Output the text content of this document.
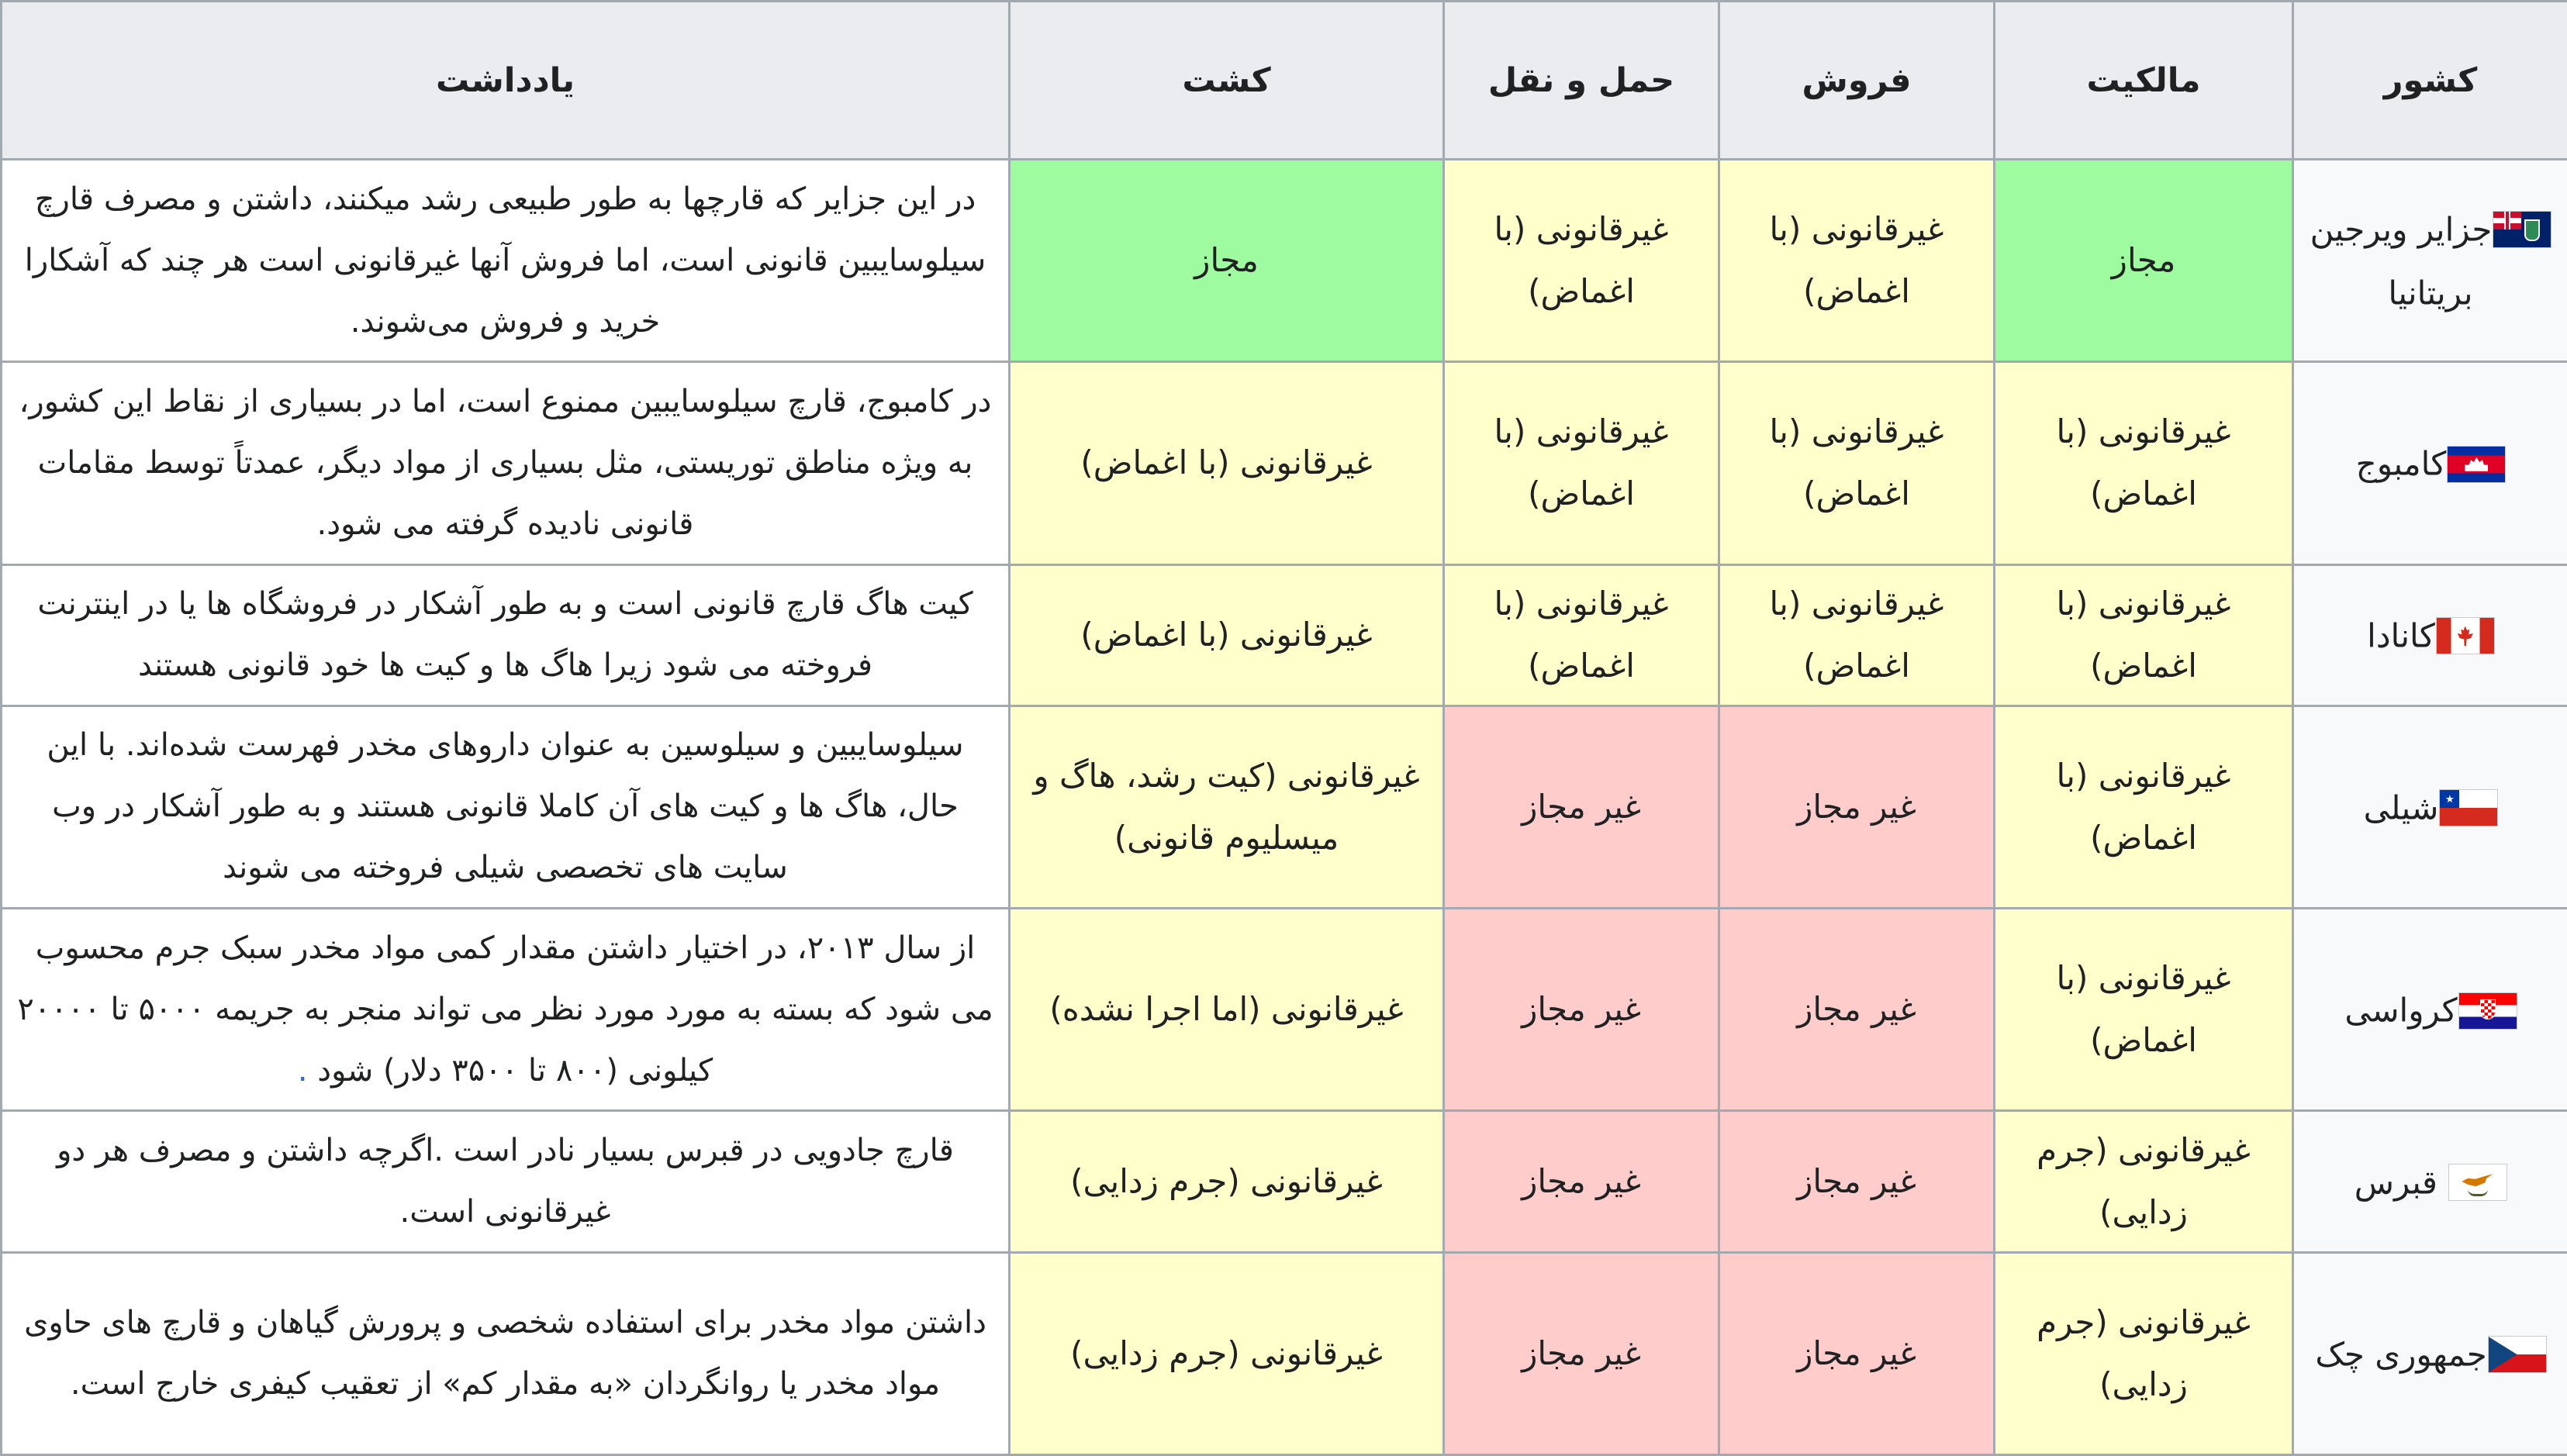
کشور	مالکیت	فروش	حمل و نقل	کشت	یادداشت

جزایر ویرجین بریتانیا	مجاز	غیرقانونی (با اغماض)	غیرقانونی (با اغماض)	مجاز	در این جزایر که قارچها به طور طبیعی رشد میکنند، داشتن و مصرف قارچ سیلوسایبین قانونی است، اما فروش آنها غیرقانونی است هر چند که آشکارا خرید و فروش می‌شوند.

کامبوج	غیرقانونی (با اغماض)	غیرقانونی (با اغماض)	غیرقانونی (با اغماض)	غیرقانونی (با اغماض)	در کامبوج، قارچ سیلوسایبین ممنوع است، اما در بسیاری از نقاط این کشور، به ویژه مناطق توریستی، مثل بسیاری از مواد دیگر، عمدتاً توسط مقامات قانونی نادیده گرفته می شود.

کانادا	غیرقانونی (با اغماض)	غیرقانونی (با اغماض)	غیرقانونی (با اغماض)	غیرقانونی (با اغماض)	کیت هاگ قارچ قانونی است و به طور آشکار در فروشگاه ها یا در اینترنت فروخته می شود زیرا هاگ ها و کیت ها خود قانونی هستند

شیلی	غیرقانونی (با اغماض)	غیر مجاز	غیر مجاز	غیرقانونی (کیت رشد، هاگ و میسلیوم قانونی)	سیلوسایبین و سیلوسین به عنوان داروهای مخدر فهرست شده‌اند. با این حال، هاگ ها و کیت های آن کاملا قانونی هستند و به طور آشکار در وب سایت های تخصصی شیلی فروخته می شوند

کرواسی	غیرقانونی (با اغماض)	غیر مجاز	غیر مجاز	غیرقانونی (اما اجرا نشده)	از سال ۲۰۱۳، در اختیار داشتن مقدار کمی مواد مخدر سبک جرم محسوب می شود که بسته به مورد مورد نظر می تواند منجر به جریمه ۵۰۰۰ تا ۲۰۰۰۰ کیلونی (۸۰۰ تا ۳۵۰۰ دلار) شود .

قبرس	غیرقانونی (جرم زدایی)	غیر مجاز	غیر مجاز	غیرقانونی (جرم زدایی)	قارچ جادویی در قبرس بسیار نادر است .اگرچه داشتن و مصرف هر دو غیرقانونی است.

جمهوری چک	غیرقانونی (جرم زدایی)	غیر مجاز	غیر مجاز	غیرقانونی (جرم زدایی)	داشتن مواد مخدر برای استفاده شخصی و پرورش گیاهان و قارچ های حاوی مواد مخدر یا روانگردان «به مقدار کم» از تعقیب کیفری خارج است.
